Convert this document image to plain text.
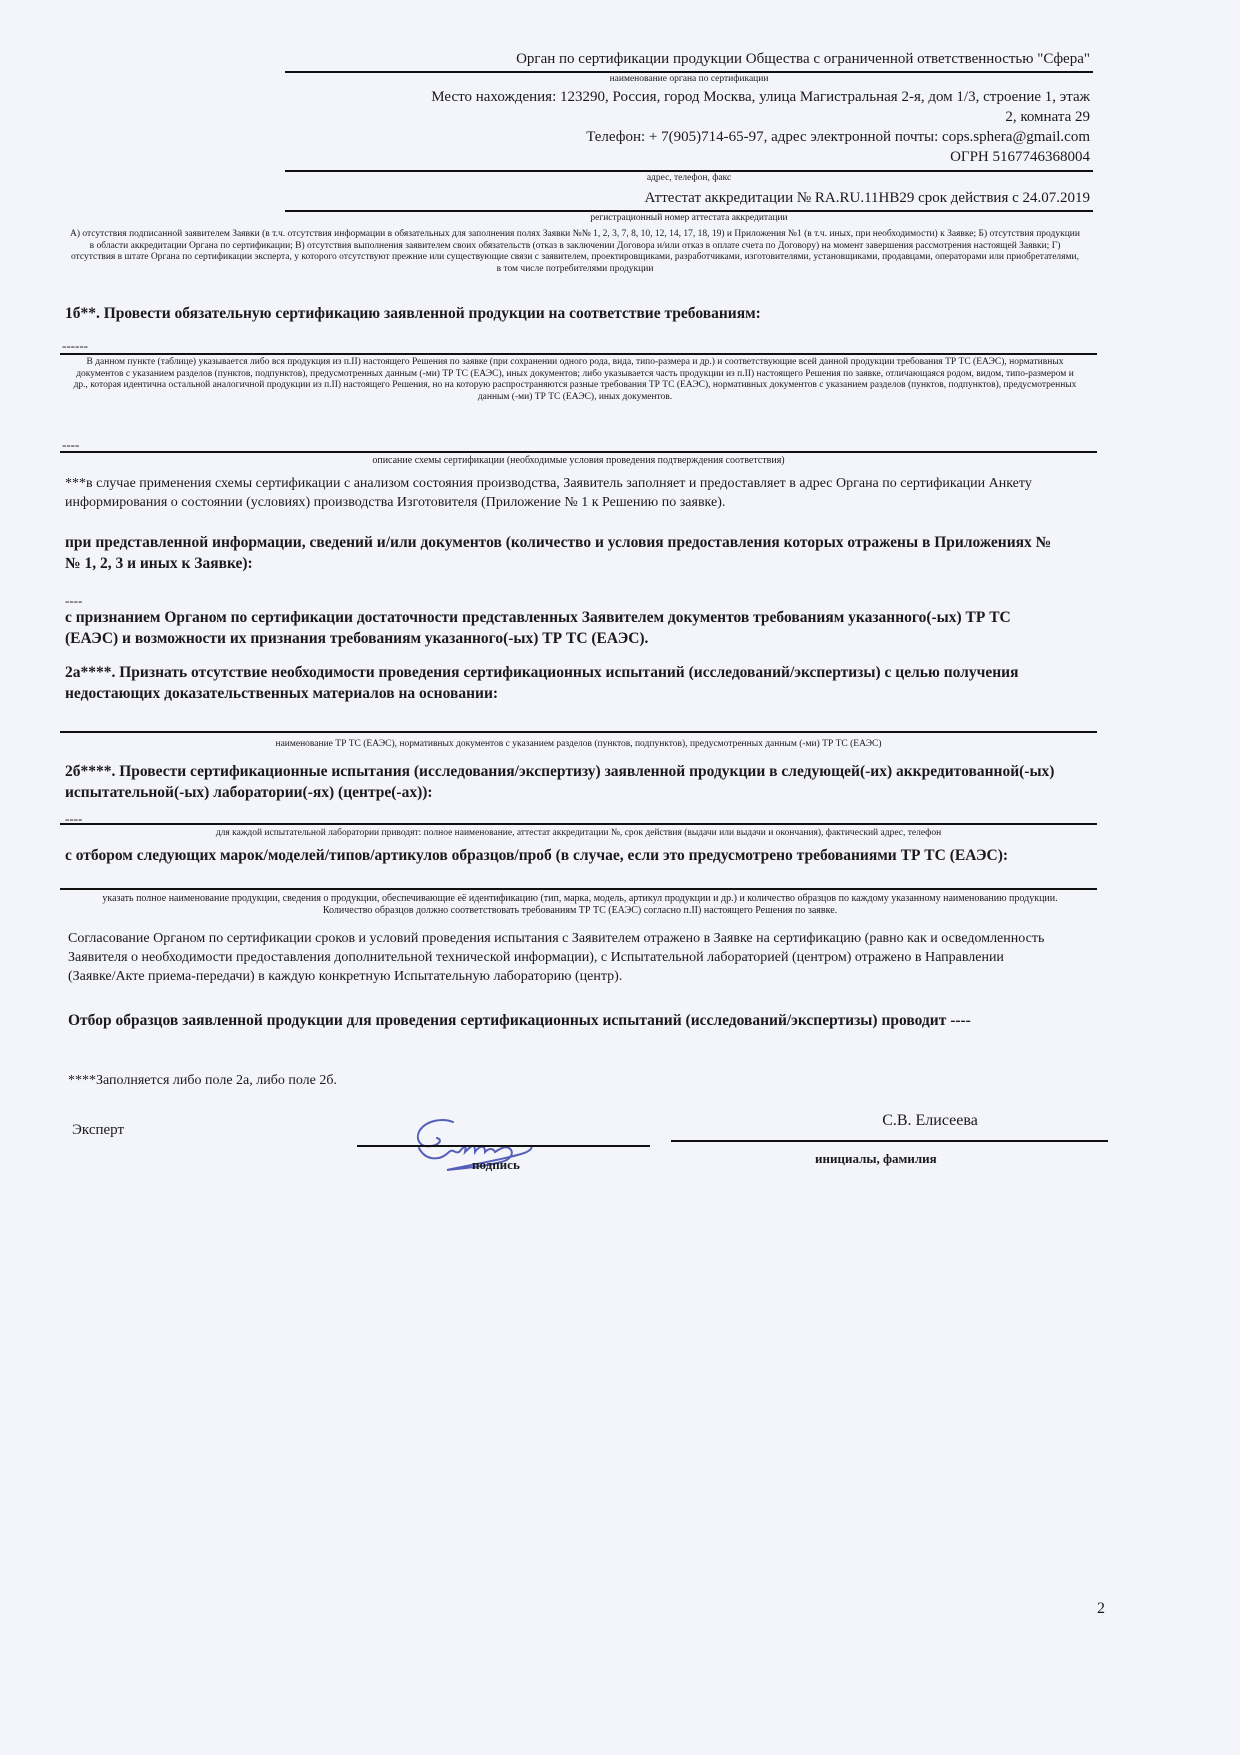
Орган по сертификации продукции Общества с ограниченной ответственностью "Сфера"
наименование органа по сертификации
Место нахождения: 123290, Россия, город Москва, улица Магистральная 2-я, дом 1/3, строение 1, этаж
2, комната 29
Телефон: + 7(905)714-65-97, адрес электронной почты: cops.sphera@gmail.com
ОГРН 5167746368004
адрес, телефон, факс
Аттестат аккредитации № RA.RU.11НВ29 срок действия с 24.07.2019
регистрационный номер аттестата аккредитации
А) отсутствия подписанной заявителем Заявки (в т.ч. отсутствия информации в обязательных для заполнения полях Заявки №№ 1, 2, 3, 7, 8, 10, 12, 14, 17, 18, 19) и Приложения №1 (в т.ч. иных, при необходимости) к Заявке; Б) отсутствия продукции в области аккредитации Органа по сертификации; В) отсутствия выполнения заявителем своих обязательств (отказ в заключении Договора и/или отказ в оплате счета по Договору) на момент завершения рассмотрения настоящей Заявки; Г) отсутствия в штате Органа по сертификации эксперта, у которого отсутствуют прежние или существующие связи с заявителем, проектировщиками, разработчиками, изготовителями, установщиками, продавцами, операторами или приобретателями, в том числе потребителями продукции
1б**. Провести обязательную сертификацию заявленной продукции на соответствие требованиям:
------
В данном пункте (таблице) указывается либо вся продукция из п.II) настоящего Решения по заявке (при сохранении одного рода, вида, типо-размера и др.) и соответствующие всей данной продукции требования ТР ТС (ЕАЭС), нормативных документов с указанием разделов (пунктов, подпунктов), предусмотренных данным (-ми) ТР ТС (ЕАЭС), иных документов; либо указывается часть продукции из п.II) настоящего Решения по заявке, отличающаяся родом, видом, типо-размером и др., которая идентична остальной аналогичной продукции из п.II) настоящего Решения, но на которую распространяются разные требования ТР ТС (ЕАЭС), нормативных документов с указанием разделов (пунктов, подпунктов), предусмотренных данным (-ми) ТР ТС (ЕАЭС), иных документов.
----
описание схемы сертификации (необходимые условия проведения подтверждения соответствия)
***в случае применения схемы сертификации с анализом состояния производства, Заявитель заполняет и предоставляет в адрес Органа по сертификации Анкету информирования о состоянии (условиях) производства Изготовителя (Приложение № 1 к Решению по заявке).
при представленной информации, сведений и/или документов (количество и условия предоставления которых отражены в Приложениях №№ 1, 2, 3 и иных к Заявке):
----
с признанием Органом по сертификации достаточности представленных Заявителем документов требованиям указанного(-ых) ТР ТС (ЕАЭС) и возможности их признания требованиям указанного(-ых) ТР ТС (ЕАЭС).
2а****. Признать отсутствие необходимости проведения сертификационных испытаний (исследований/экспертизы) с целью получения недостающих доказательственных материалов на основании:
наименование ТР ТС (ЕАЭС), нормативных документов с указанием разделов (пунктов, подпунктов), предусмотренных данным (-ми) ТР ТС (ЕАЭС)
2б****. Провести сертификационные испытания (исследования/экспертизу) заявленной продукции в следующей(-их) аккредитованной(-ых) испытательной(-ых) лаборатории(-ях) (центре(-ах)):
----
для каждой испытательной лаборатории приводят: полное наименование, аттестат аккредитации №, срок действия (выдачи или выдачи и окончания), фактический адрес, телефон
с отбором следующих марок/моделей/типов/артикулов образцов/проб (в случае, если это предусмотрено требованиями ТР ТС (ЕАЭС):
указать полное наименование продукции, сведения о продукции, обеспечивающие её идентификацию (тип, марка, модель, артикул продукции и др.) и количество образцов по каждому указанному наименованию продукции. Количество образцов должно соответствовать требованиям ТР ТС (ЕАЭС) согласно п.II) настоящего Решения по заявке.
Согласование Органом по сертификации сроков и условий проведения испытания с Заявителем отражено в Заявке на сертификацию (равно как и осведомленность Заявителя о необходимости предоставления дополнительной технической информации), с Испытательной лабораторией (центром) отражено в Направлении (Заявке/Акте приема-передачи) в каждую конкретную Испытательную лабораторию (центр).
Отбор образцов заявленной продукции для проведения сертификационных испытаний (исследований/экспертизы) проводит ----
****Заполняется либо поле 2а, либо поле 2б.
Эксперт
подпись
С.В. Елисеева
инициалы, фамилия
2
